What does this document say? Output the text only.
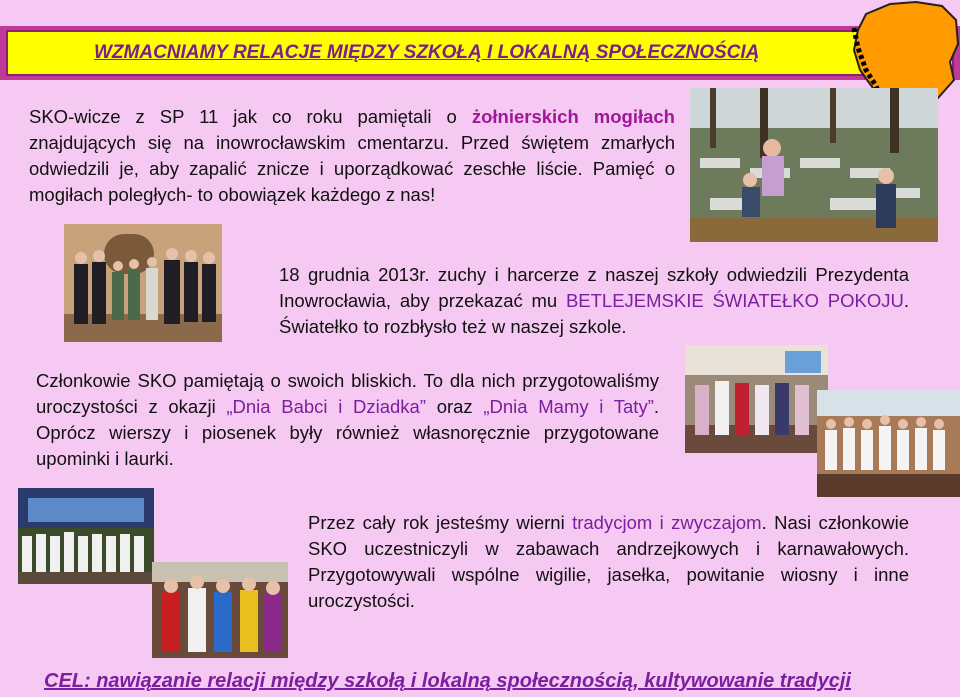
WZMACNIAMY RELACJE MIĘDZY SZKOŁĄ I LOKALNĄ SPOŁECZNOŚCIĄ
SKO-wicze z SP 11 jak co roku pamiętali o żołnierskich mogiłach znajdujących się na inowrocławskim cmentarzu. Przed świętem zmarłych odwiedzili je, aby zapalić znicze i uporządkować zeschłe liście. Pamięć o mogiłach poległych- to obowiązek każdego z nas!
18 grudnia 2013r. zuchy i harcerze z naszej szkoły odwiedzili Prezydenta Inowrocławia, aby przekazać mu BETLEJEMSKIE ŚWIATEŁKO POKOJU. Światełko to rozbłysło też w naszej szkole.
Członkowie SKO pamiętają o swoich bliskich. To dla nich przygotowaliśmy uroczystości z okazji „Dnia Babci i Dziadka” oraz „Dnia Mamy i Taty”. Oprócz wierszy i piosenek były również własnoręcznie przygotowane upominki i laurki.
Przez cały rok jesteśmy wierni tradycjom i zwyczajom. Nasi członkowie SKO uczestniczyli w zabawach andrzejkowych i karnawałowych. Przygotowywali wspólne wigilie, jasełka, powitanie wiosny i inne uroczystości.
CEL: nawiązanie relacji między szkołą i lokalną społecznością, kultywowanie tradycji
